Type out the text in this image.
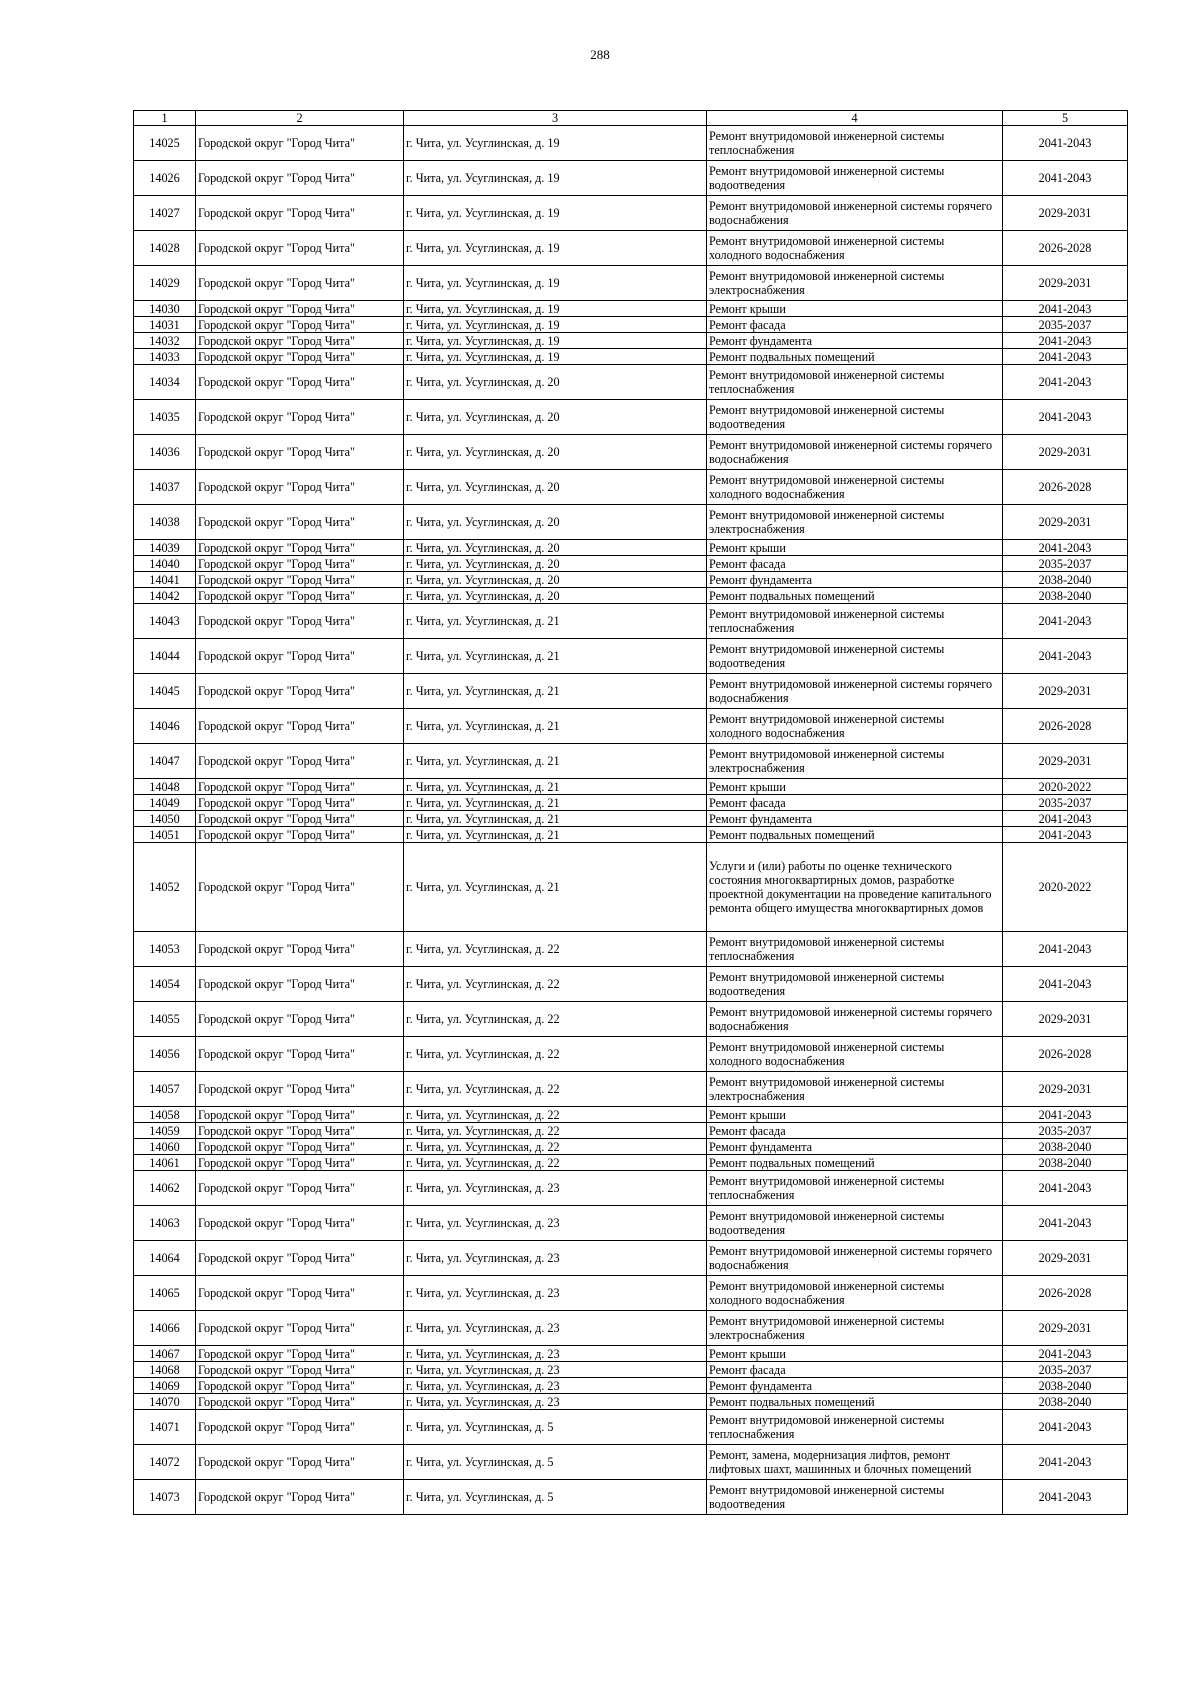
288
1	2	3	4	5
14025	Городской округ "Город Чита"	г. Чита, ул. Усуглинская, д. 19	Ремонт внутридомовой инженерной системы теплоснабжения	2041-2043
14026	Городской округ "Город Чита"	г. Чита, ул. Усуглинская, д. 19	Ремонт внутридомовой инженерной системы водоотведения	2041-2043
14027	Городской округ "Город Чита"	г. Чита, ул. Усуглинская, д. 19	Ремонт внутридомовой инженерной системы горячего водоснабжения	2029-2031
14028	Городской округ "Город Чита"	г. Чита, ул. Усуглинская, д. 19	Ремонт внутридомовой инженерной системы холодного водоснабжения	2026-2028
14029	Городской округ "Город Чита"	г. Чита, ул. Усуглинская, д. 19	Ремонт внутридомовой инженерной системы электроснабжения	2029-2031
14030	Городской округ "Город Чита"	г. Чита, ул. Усуглинская, д. 19	Ремонт крыши	2041-2043
14031	Городской округ "Город Чита"	г. Чита, ул. Усуглинская, д. 19	Ремонт фасада	2035-2037
14032	Городской округ "Город Чита"	г. Чита, ул. Усуглинская, д. 19	Ремонт фундамента	2041-2043
14033	Городской округ "Город Чита"	г. Чита, ул. Усуглинская, д. 19	Ремонт подвальных помещений	2041-2043
14034	Городской округ "Город Чита"	г. Чита, ул. Усуглинская, д. 20	Ремонт внутридомовой инженерной системы теплоснабжения	2041-2043
14035	Городской округ "Город Чита"	г. Чита, ул. Усуглинская, д. 20	Ремонт внутридомовой инженерной системы водоотведения	2041-2043
14036	Городской округ "Город Чита"	г. Чита, ул. Усуглинская, д. 20	Ремонт внутридомовой инженерной системы горячего водоснабжения	2029-2031
14037	Городской округ "Город Чита"	г. Чита, ул. Усуглинская, д. 20	Ремонт внутридомовой инженерной системы холодного водоснабжения	2026-2028
14038	Городской округ "Город Чита"	г. Чита, ул. Усуглинская, д. 20	Ремонт внутридомовой инженерной системы электроснабжения	2029-2031
14039	Городской округ "Город Чита"	г. Чита, ул. Усуглинская, д. 20	Ремонт крыши	2041-2043
14040	Городской округ "Город Чита"	г. Чита, ул. Усуглинская, д. 20	Ремонт фасада	2035-2037
14041	Городской округ "Город Чита"	г. Чита, ул. Усуглинская, д. 20	Ремонт фундамента	2038-2040
14042	Городской округ "Город Чита"	г. Чита, ул. Усуглинская, д. 20	Ремонт подвальных помещений	2038-2040
14043	Городской округ "Город Чита"	г. Чита, ул. Усуглинская, д. 21	Ремонт внутридомовой инженерной системы теплоснабжения	2041-2043
14044	Городской округ "Город Чита"	г. Чита, ул. Усуглинская, д. 21	Ремонт внутридомовой инженерной системы водоотведения	2041-2043
14045	Городской округ "Город Чита"	г. Чита, ул. Усуглинская, д. 21	Ремонт внутридомовой инженерной системы горячего водоснабжения	2029-2031
14046	Городской округ "Город Чита"	г. Чита, ул. Усуглинская, д. 21	Ремонт внутридомовой инженерной системы холодного водоснабжения	2026-2028
14047	Городской округ "Город Чита"	г. Чита, ул. Усуглинская, д. 21	Ремонт внутридомовой инженерной системы электроснабжения	2029-2031
14048	Городской округ "Город Чита"	г. Чита, ул. Усуглинская, д. 21	Ремонт крыши	2020-2022
14049	Городской округ "Город Чита"	г. Чита, ул. Усуглинская, д. 21	Ремонт фасада	2035-2037
14050	Городской округ "Город Чита"	г. Чита, ул. Усуглинская, д. 21	Ремонт фундамента	2041-2043
14051	Городской округ "Город Чита"	г. Чита, ул. Усуглинская, д. 21	Ремонт подвальных помещений	2041-2043
14052	Городской округ "Город Чита"	г. Чита, ул. Усуглинская, д. 21	Услуги и (или) работы по оценке технического состояния многоквартирных домов, разработке проектной документации на проведение капитального ремонта общего имущества многоквартирных домов	2020-2022
14053	Городской округ "Город Чита"	г. Чита, ул. Усуглинская, д. 22	Ремонт внутридомовой инженерной системы теплоснабжения	2041-2043
14054	Городской округ "Город Чита"	г. Чита, ул. Усуглинская, д. 22	Ремонт внутридомовой инженерной системы водоотведения	2041-2043
14055	Городской округ "Город Чита"	г. Чита, ул. Усуглинская, д. 22	Ремонт внутридомовой инженерной системы горячего водоснабжения	2029-2031
14056	Городской округ "Город Чита"	г. Чита, ул. Усуглинская, д. 22	Ремонт внутридомовой инженерной системы холодного водоснабжения	2026-2028
14057	Городской округ "Город Чита"	г. Чита, ул. Усуглинская, д. 22	Ремонт внутридомовой инженерной системы электроснабжения	2029-2031
14058	Городской округ "Город Чита"	г. Чита, ул. Усуглинская, д. 22	Ремонт крыши	2041-2043
14059	Городской округ "Город Чита"	г. Чита, ул. Усуглинская, д. 22	Ремонт фасада	2035-2037
14060	Городской округ "Город Чита"	г. Чита, ул. Усуглинская, д. 22	Ремонт фундамента	2038-2040
14061	Городской округ "Город Чита"	г. Чита, ул. Усуглинская, д. 22	Ремонт подвальных помещений	2038-2040
14062	Городской округ "Город Чита"	г. Чита, ул. Усуглинская, д. 23	Ремонт внутридомовой инженерной системы теплоснабжения	2041-2043
14063	Городской округ "Город Чита"	г. Чита, ул. Усуглинская, д. 23	Ремонт внутридомовой инженерной системы водоотведения	2041-2043
14064	Городской округ "Город Чита"	г. Чита, ул. Усуглинская, д. 23	Ремонт внутридомовой инженерной системы горячего водоснабжения	2029-2031
14065	Городской округ "Город Чита"	г. Чита, ул. Усуглинская, д. 23	Ремонт внутридомовой инженерной системы холодного водоснабжения	2026-2028
14066	Городской округ "Город Чита"	г. Чита, ул. Усуглинская, д. 23	Ремонт внутридомовой инженерной системы электроснабжения	2029-2031
14067	Городской округ "Город Чита"	г. Чита, ул. Усуглинская, д. 23	Ремонт крыши	2041-2043
14068	Городской округ "Город Чита"	г. Чита, ул. Усуглинская, д. 23	Ремонт фасада	2035-2037
14069	Городской округ "Город Чита"	г. Чита, ул. Усуглинская, д. 23	Ремонт фундамента	2038-2040
14070	Городской округ "Город Чита"	г. Чита, ул. Усуглинская, д. 23	Ремонт подвальных помещений	2038-2040
14071	Городской округ "Город Чита"	г. Чита, ул. Усуглинская, д. 5	Ремонт внутридомовой инженерной системы теплоснабжения	2041-2043
14072	Городской округ "Город Чита"	г. Чита, ул. Усуглинская, д. 5	Ремонт, замена, модернизация лифтов, ремонт лифтовых шахт, машинных и блочных помещений	2041-2043
14073	Городской округ "Город Чита"	г. Чита, ул. Усуглинская, д. 5	Ремонт внутридомовой инженерной системы водоотведения	2041-2043
